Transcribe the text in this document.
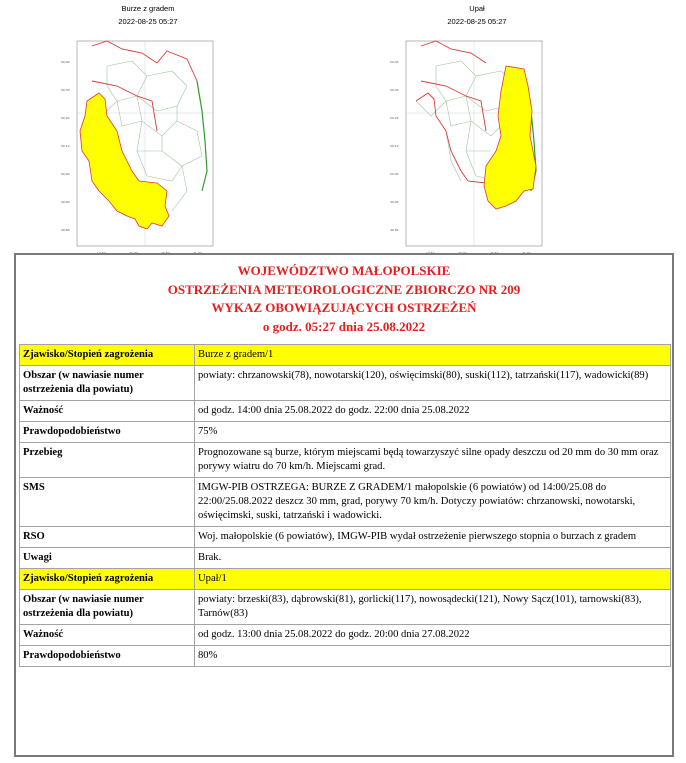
Burze z gradem
2022-08-25 05:27
50,40
50,30
50,20
50,10
50,00
49,90
49,80
19,50	20,00	20,50	21,00
Upał
2022-08-25 05:27
50,40
50,30
50,20
50,10
50,00
49,90
49,80
19,50	20,00	20,50	21,00
WOJEWÓDZTWO MAŁOPOLSKIE
OSTRZEŻENIA METEOROLOGICZNE ZBIORCZO NR 209
WYKAZ OBOWIĄZUJĄCYCH OSTRZEŻEŃ
o godz. 05:27 dnia 25.08.2022
Zjawisko/Stopień zagrożenia	Burze z gradem/1
Obszar (w nawiasie numer ostrzeżenia dla powiatu)	powiaty: chrzanowski(78), nowotarski(120), oświęcimski(80), suski(112), tatrzański(117), wadowicki(89)
Ważność	od godz. 14:00 dnia 25.08.2022 do godz. 22:00 dnia 25.08.2022
Prawdopodobieństwo	75%
Przebieg	Prognozowane są burze, którym miejscami będą towarzyszyć silne opady deszczu od 20 mm do 30 mm oraz porywy wiatru do 70 km/h. Miejscami grad.
SMS	IMGW-PIB OSTRZEGA: BURZE Z GRADEM/1 małopolskie (6 powiatów) od 14:00/25.08 do 22:00/25.08.2022 deszcz 30 mm, grad, porywy 70 km/h. Dotyczy powiatów: chrzanowski, nowotarski, oświęcimski, suski, tatrzański i wadowicki.
RSO	Woj. małopolskie (6 powiatów), IMGW-PIB wydał ostrzeżenie pierwszego stopnia o burzach z gradem
Uwagi	Brak.
Zjawisko/Stopień zagrożenia	Upał/1
Obszar (w nawiasie numer ostrzeżenia dla powiatu)	powiaty: brzeski(83), dąbrowski(81), gorlicki(117), nowosądecki(121), Nowy Sącz(101), tarnowski(83), Tarnów(83)
Ważność	od godz. 13:00 dnia 25.08.2022 do godz. 20:00 dnia 27.08.2022
Prawdopodobieństwo	80%
